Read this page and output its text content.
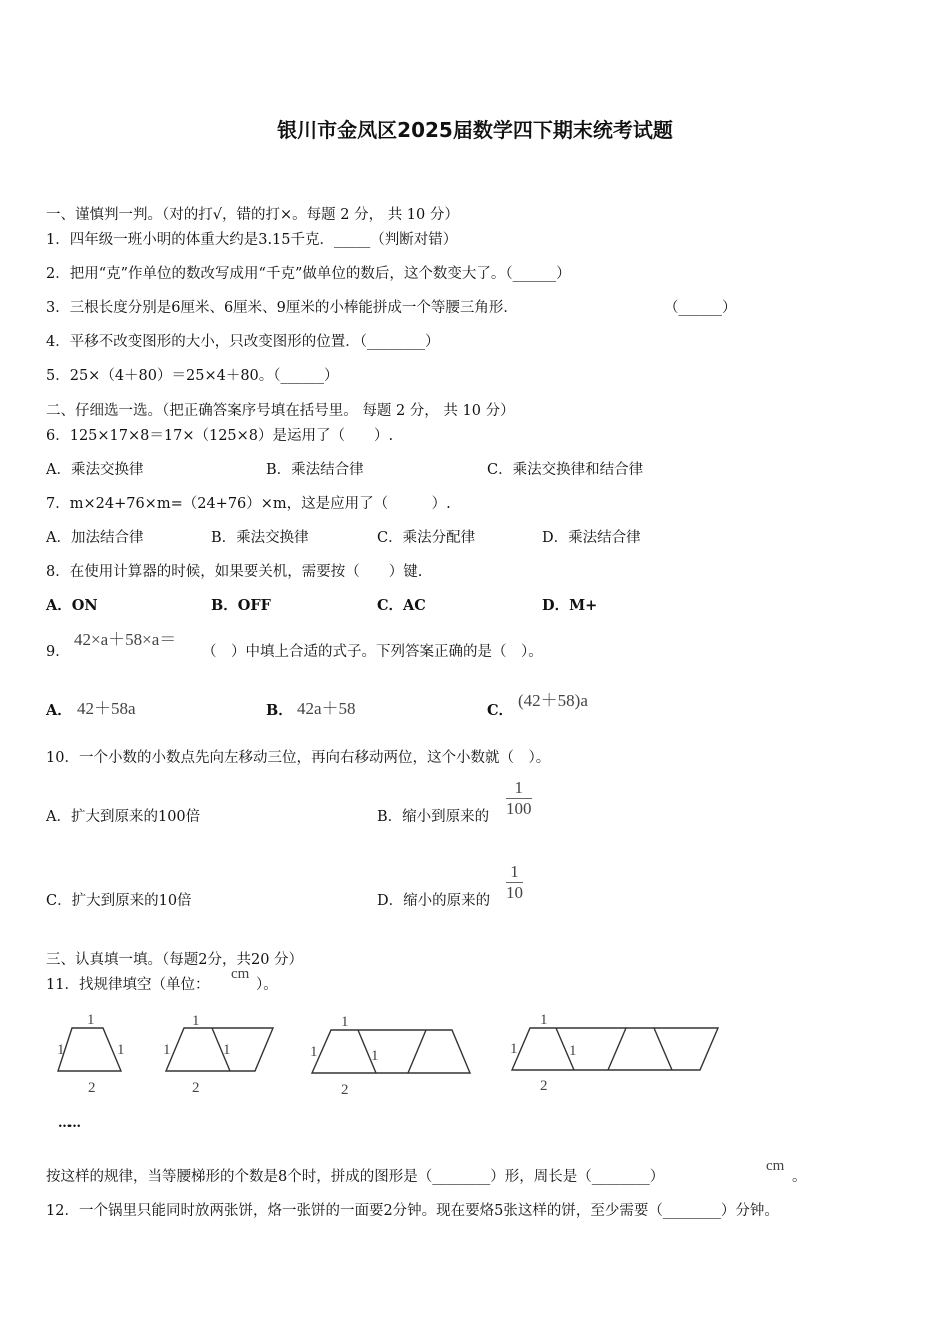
银川市金凤区2025届数学四下期末统考试题
一、谨慎判一判。（对的打√，错的打×。每题 2 分， 共 10 分）
1．四年级一班小明的体重大约是3.15千克．_____（判断对错）
2．把用“克”作单位的数改写成用“千克”做单位的数后，这个数变大了。（______）
3．三根长度分别是6厘米、6厘米、9厘米的小棒能拼成一个等腰三角形．	（______）
4．平移不改变图形的大小，只改变图形的位置．（________）
5．25×（4＋80）＝25×4＋80。（______）
二、仔细选一选。（把正确答案序号填在括号里。 每题 2 分， 共 10 分）
6．125×17×8＝17×（125×8）是运用了（　　）.
A．乘法交换律	B．乘法结合律	C．乘法交换律和结合律
7．m×24+76×m=（24+76）×m，这是应用了（　　　）.
A．加法结合律	B．乘法交换律	C．乘法分配律	D．乘法结合律
8．在使用计算器的时候，如果要关机，需要按（　　）键.
A．ON	B．OFF	C．AC	D．M+
9．
42×a＋58×a＝
（　）中填上合适的式子。下列答案正确的是（　）。
A． 42＋58a	B． 42a＋58	C．
(42＋58)a
10．一个小数的小数点先向左移动三位，再向右移动两位，这个小数就（　）。
A．扩大到原来的100倍	B．缩小到原来的 $\frac{1}{100}$
C．扩大到原来的10倍	D．缩小的原来的 $\frac{1}{10}$
三、认真填一填。（每题2分，共20 分）
11．找规律填空（单位：
cm
）。
1
1	1
2
1
1	1
2
1
1	1
2
1
1	1
2
……
按这样的规律，当等腰梯形的个数是8个时，拼成的图形是（________）形，周长是（________）
cm
。
12．一个锅里只能同时放两张饼，烙一张饼的一面要2分钟。现在要烙5张这样的饼，至少需要（________）分钟。
